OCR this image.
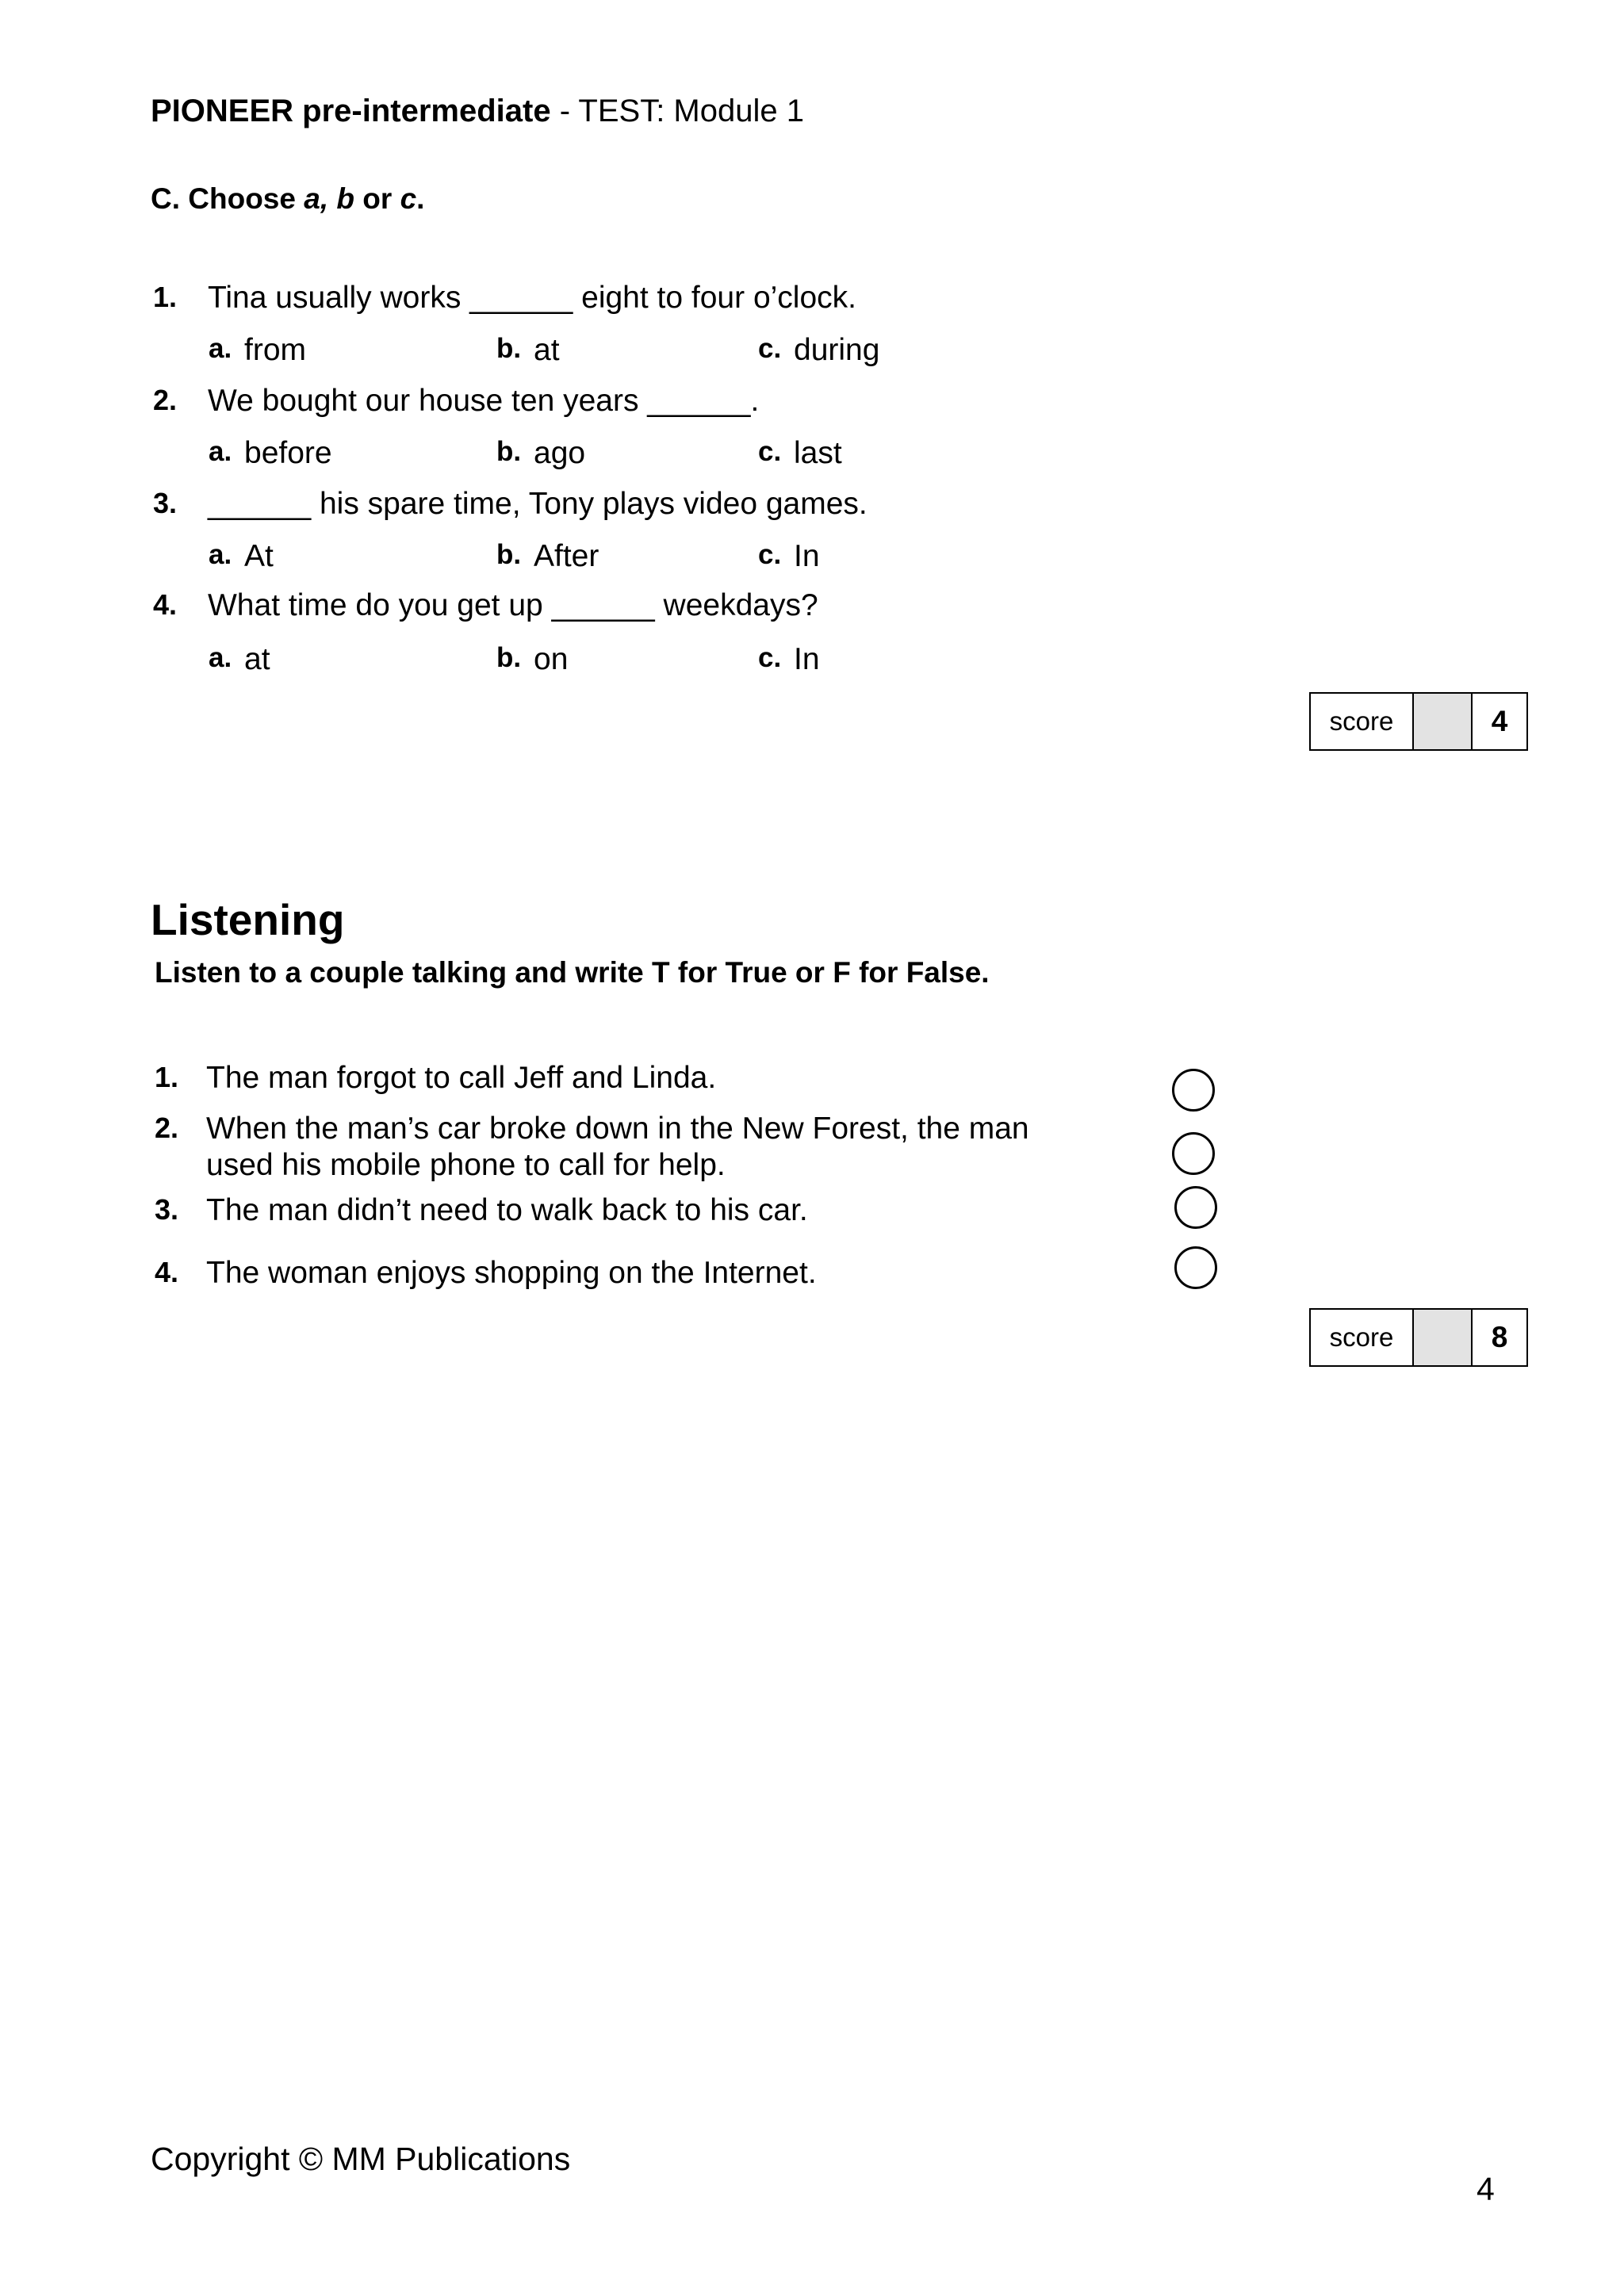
PIONEER pre-intermediate - TEST: Module 1
C. Choose a, b or c.
1. Tina usually works ______ eight to four o’clock.
a. from	b. at	c. during
2. We bought our house ten years ______.
a. before	b. ago	c. last
3. ______ his spare time, Tony plays video games.
a. At	b. After	c. In
4. What time do you get up ______ weekdays?
a. at	b. on	c. In
score	4
Listening
Listen to a couple talking and write T for True or F for False.
1. The man forgot to call Jeff and Linda.
2. When the man’s car broke down in the New Forest, the man
used his mobile phone to call for help.
3. The man didn’t need to walk back to his car.
4. The woman enjoys shopping on the Internet.
score	8
Copyright © MM Publications
4
